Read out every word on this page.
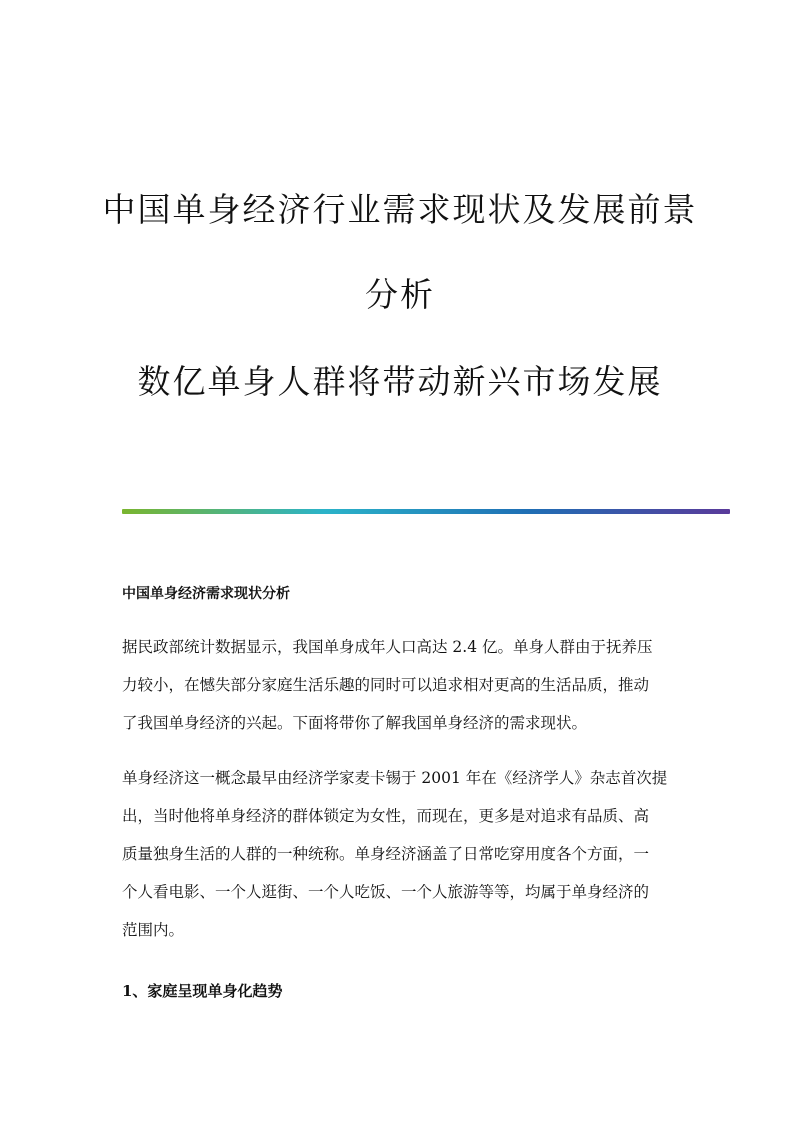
中国单身经济行业需求现状及发展前景
分析
数亿单身人群将带动新兴市场发展
中国单身经济需求现状分析
据民政部统计数据显示，我国单身成年人口高达 2.4 亿。单身人群由于抚养压
力较小，在憾失部分家庭生活乐趣的同时可以追求相对更高的生活品质，推动
了我国单身经济的兴起。下面将带你了解我国单身经济的需求现状。
单身经济这一概念最早由经济学家麦卡锡于 2001 年在《经济学人》杂志首次提
出，当时他将单身经济的群体锁定为女性，而现在，更多是对追求有品质、高
质量独身生活的人群的一种统称。单身经济涵盖了日常吃穿用度各个方面，一
个人看电影、一个人逛街、一个人吃饭、一个人旅游等等，均属于单身经济的
范围内。
1、家庭呈现单身化趋势
